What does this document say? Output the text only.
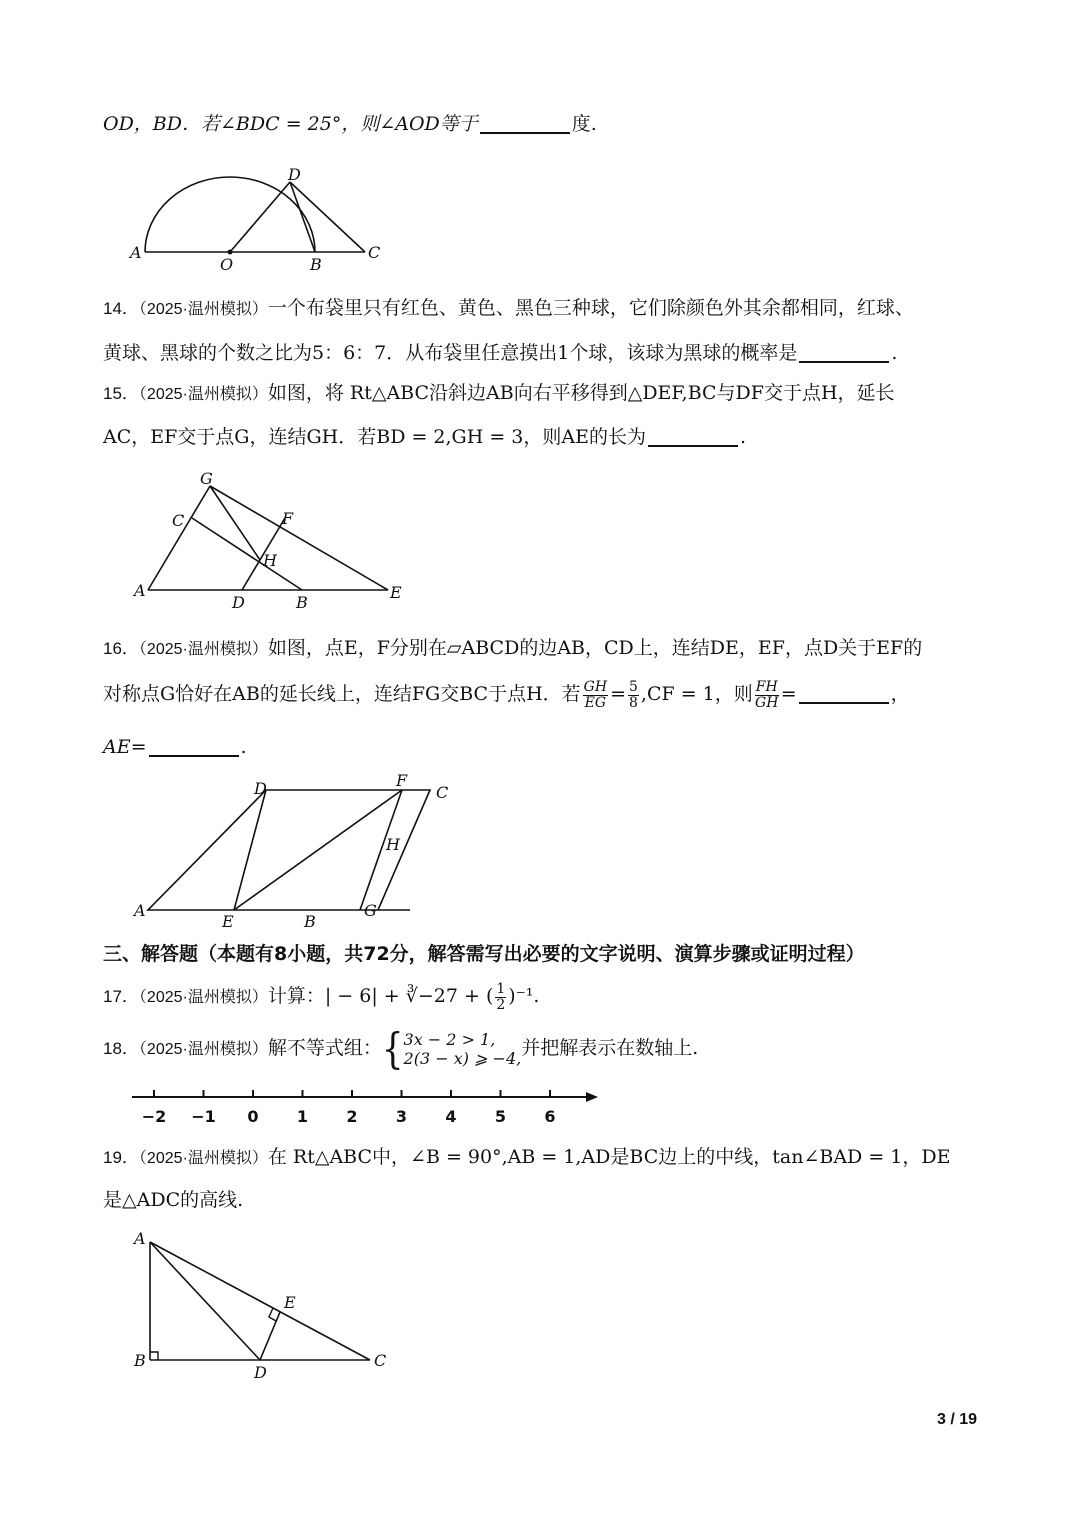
OD，BD．若∠BDC = 25°，则∠AOD等于	度.
A
O	B
C
D
14．（2025·温州模拟）一个布袋里只有红色、黄色、黑色三种球，它们除颜色外其余都相同，红球、
黄球、黑球的个数之比为5：6：7．从布袋里任意摸出1个球，该球为黑球的概率是	.
15．（2025·温州模拟）如图，将 Rt△ABC沿斜边AB向右平移得到△DEF,BC与DF交于点H，延长
AC，EF交于点G，连结GH．若BD = 2,GH = 3，则AE的长为	.
G
C	F
H
A
D	B
E
16．（2025·温州模拟）如图，点E，F分别在▱ABCD的边AB，CD上，连结DE，EF，点D关于EF的
对称点G恰好在AB的延长线上，连结FG交BC于点H．若 $\frac{GH}{EG} = \frac{5}{8} ,CF = 1$，则 $\frac{FH}{GH}$ =	，
AE=	.
D	F
C
H
A
E	B
G
三、解答题（本题有8小题，共72分，解答需写出必要的文字说明、演算步骤或证明过程）
17．（2025·温州模拟）计算：| − 6| + ∛−27 + ( $\frac{1}{2} )^{-1}$.
18．（2025·温州模拟）解不等式组：{ 3x − 2 > 1,
2(3 − x) ⩾ −4, 并把解表示在数轴上.
−2 −1 0 1 2 3 4 5 6
19．（2025·温州模拟）在 Rt△ABC中，∠B = 90°,AB = 1,AD是BC边上的中线，tan∠BAD = 1，DE
是△ADC的高线.
A
E
B
D
C
3 / 19
